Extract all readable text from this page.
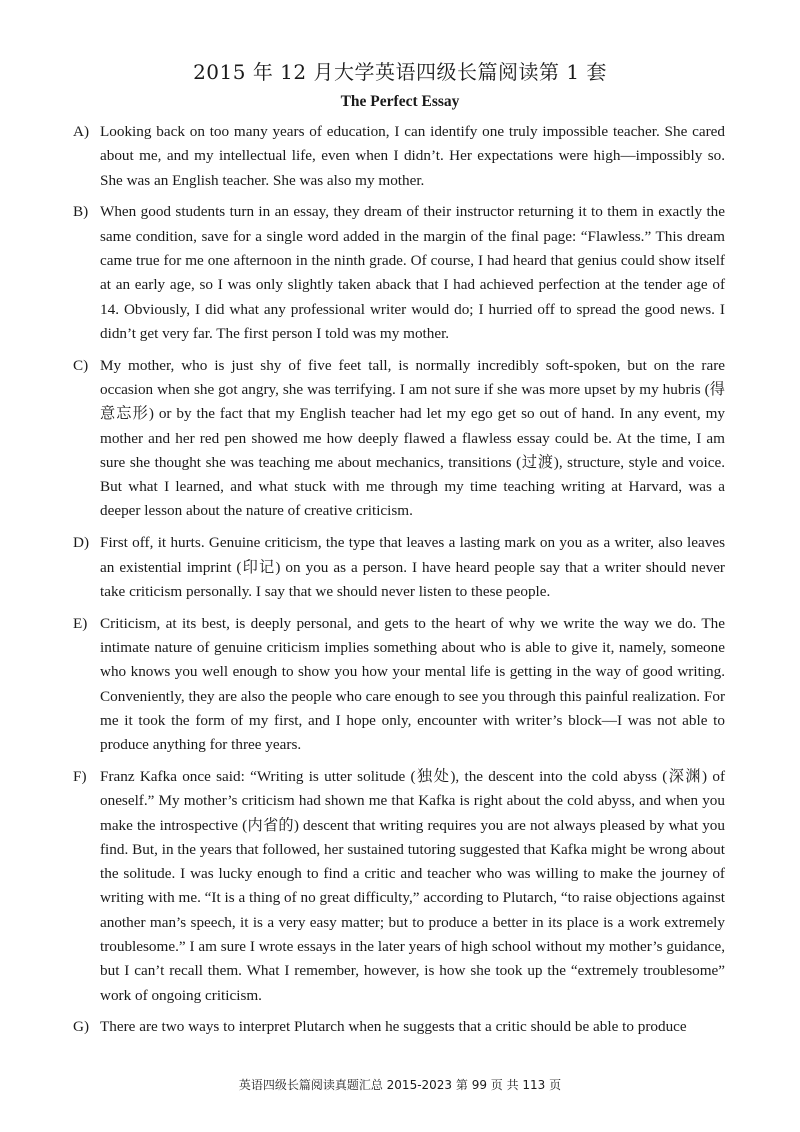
2015 年 12 月大学英语四级长篇阅读第 1 套
The Perfect Essay
A) Looking back on too many years of education, I can identify one truly impossible teacher. She cared about me, and my intellectual life, even when I didn’t. Her expectations were high—impossibly so. She was an English teacher. She was also my mother.
B) When good students turn in an essay, they dream of their instructor returning it to them in exactly the same condition, save for a single word added in the margin of the final page: “Flawless.” This dream came true for me one afternoon in the ninth grade. Of course, I had heard that genius could show itself at an early age, so I was only slightly taken aback that I had achieved perfection at the tender age of 14. Obviously, I did what any professional writer would do; I hurried off to spread the good news. I didn’t get very far. The first person I told was my mother.
C) My mother, who is just shy of five feet tall, is normally incredibly soft-spoken, but on the rare occasion when she got angry, she was terrifying. I am not sure if she was more upset by my hubris (得意忘形) or by the fact that my English teacher had let my ego get so out of hand. In any event, my mother and her red pen showed me how deeply flawed a flawless essay could be. At the time, I am sure she thought she was teaching me about mechanics, transitions (过渡), structure, style and voice. But what I learned, and what stuck with me through my time teaching writing at Harvard, was a deeper lesson about the nature of creative criticism.
D) First off, it hurts. Genuine criticism, the type that leaves a lasting mark on you as a writer, also leaves an existential imprint (印记) on you as a person. I have heard people say that a writer should never take criticism personally. I say that we should never listen to these people.
E) Criticism, at its best, is deeply personal, and gets to the heart of why we write the way we do. The intimate nature of genuine criticism implies something about who is able to give it, namely, someone who knows you well enough to show you how your mental life is getting in the way of good writing. Conveniently, they are also the people who care enough to see you through this painful realization. For me it took the form of my first, and I hope only, encounter with writer’s block—I was not able to produce anything for three years.
F) Franz Kafka once said: “Writing is utter solitude (独处), the descent into the cold abyss (深渊) of oneself.” My mother’s criticism had shown me that Kafka is right about the cold abyss, and when you make the introspective (内省的) descent that writing requires you are not always pleased by what you find. But, in the years that followed, her sustained tutoring suggested that Kafka might be wrong about the solitude. I was lucky enough to find a critic and teacher who was willing to make the journey of writing with me. “It is a thing of no great difficulty,” according to Plutarch, “to raise objections against another man’s speech, it is a very easy matter; but to produce a better in its place is a work extremely troublesome.” I am sure I wrote essays in the later years of high school without my mother’s guidance, but I can’t recall them. What I remember, however, is how she took up the “extremely troublesome” work of ongoing criticism.
G) There are two ways to interpret Plutarch when he suggests that a critic should be able to produce
英语四级长篇阅读真题汇总 2015-2023 第 99 页 共 113 页
